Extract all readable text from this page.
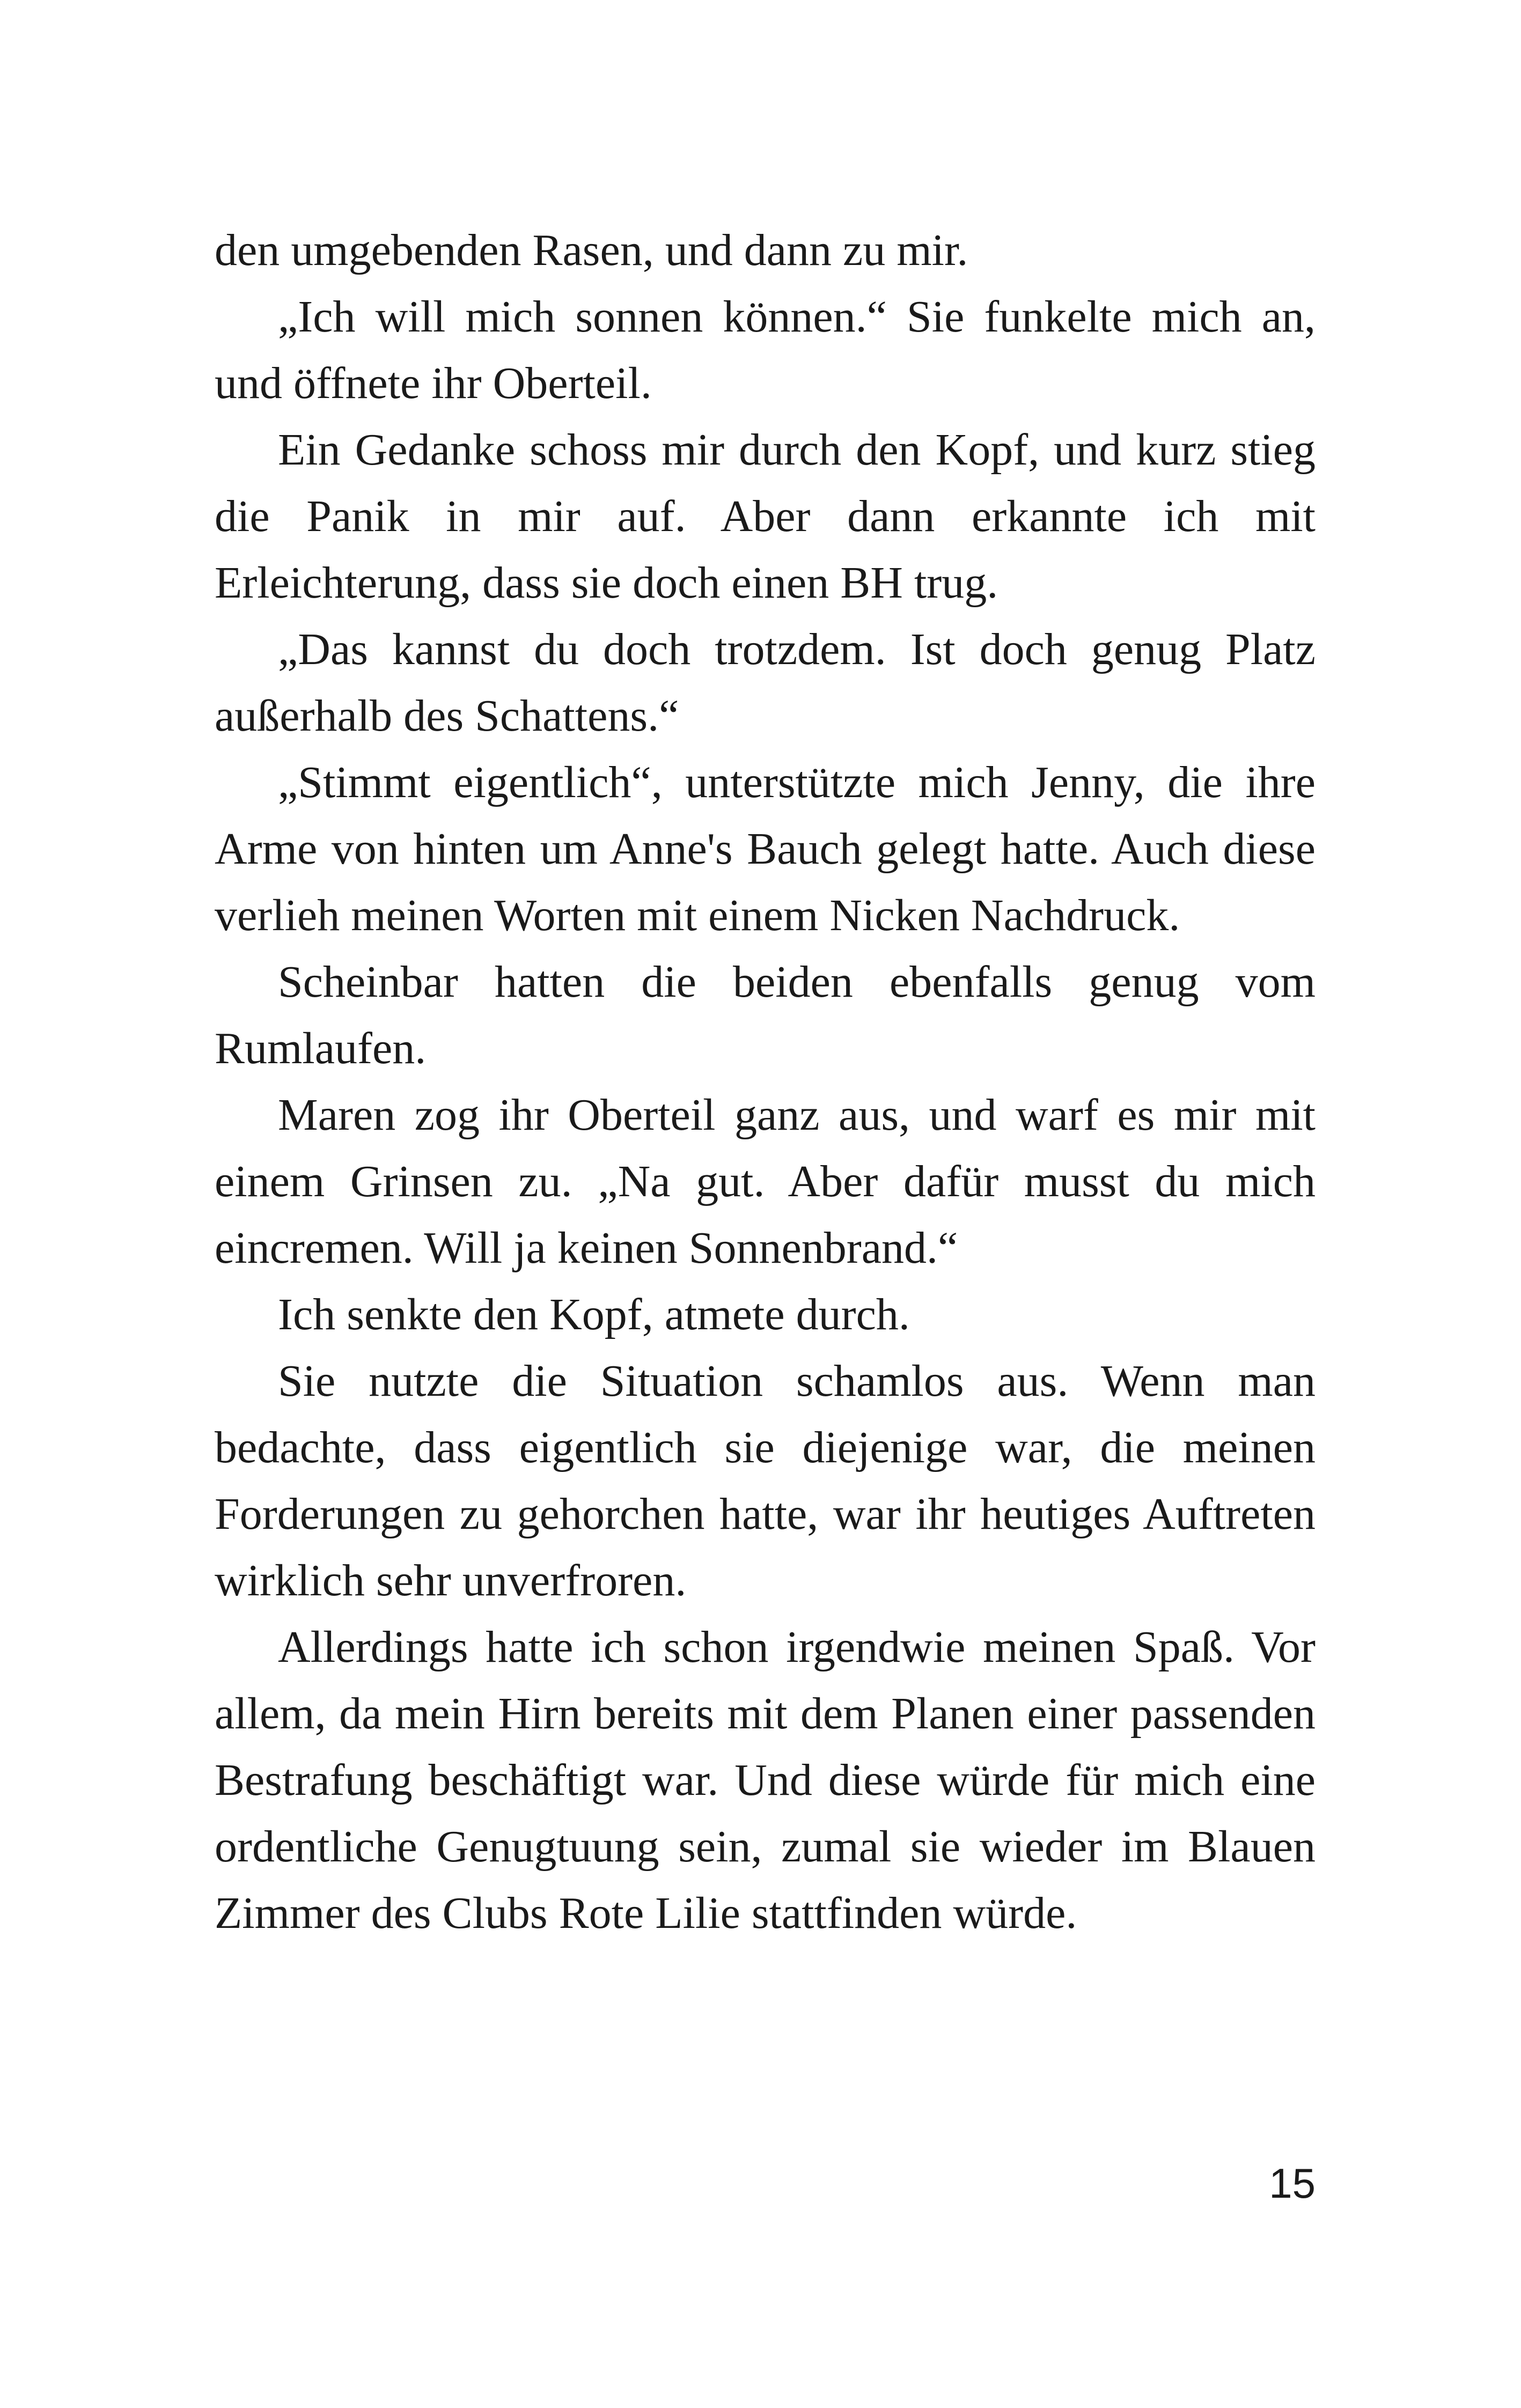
den umgebenden Rasen, und dann zu mir.

„Ich will mich sonnen können.“ Sie funkelte mich an, und öffnete ihr Oberteil.

Ein Gedanke schoss mir durch den Kopf, und kurz stieg die Panik in mir auf. Aber dann erkannte ich mit Erleichterung, dass sie doch einen BH trug.

„Das kannst du doch trotzdem. Ist doch genug Platz außerhalb des Schattens.“

„Stimmt eigentlich“, unterstützte mich Jenny, die ihre Arme von hinten um Anne's Bauch gelegt hatte. Auch diese verlieh meinen Worten mit einem Nicken Nachdruck.

Scheinbar hatten die beiden ebenfalls genug vom Rumlaufen.

Maren zog ihr Oberteil ganz aus, und warf es mir mit einem Grinsen zu. „Na gut. Aber dafür musst du mich eincremen. Will ja keinen Sonnenbrand.“

Ich senkte den Kopf, atmete durch.

Sie nutzte die Situation schamlos aus. Wenn man bedachte, dass eigentlich sie diejenige war, die meinen Forderungen zu gehorchen hatte, war ihr heutiges Auftreten wirklich sehr unverfroren.

Allerdings hatte ich schon irgendwie meinen Spaß. Vor allem, da mein Hirn bereits mit dem Planen einer passenden Bestrafung beschäftigt war. Und diese würde für mich eine ordentliche Genugtuung sein, zumal sie wieder im Blauen Zimmer des Clubs Rote Lilie stattfinden würde.

15
